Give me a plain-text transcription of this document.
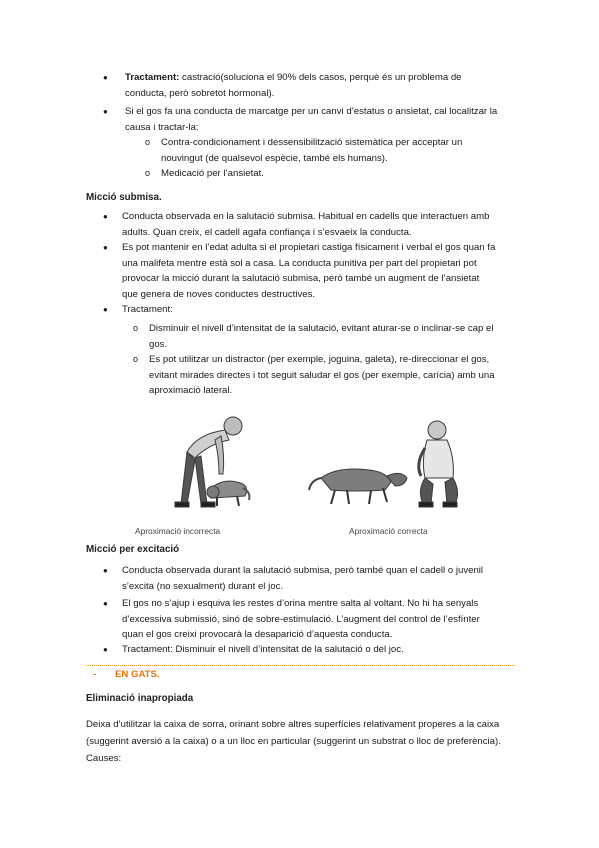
● Tractament: castració(soluciona el 90% dels casos, perquè és un problema de
conducta, però sobretot hormonal).
● Si el gos fa una conducta de marcatge per un canvi d’estatus o ansietat, cal localitzar la
causa i tractar-la:
o Contra-condicionament i dessensibilització sistemàtica per acceptar un
nouvingut (de qualsevol espècie, també els humans).
o Medicació per l’ansietat.
Micció submisa.
● Conducta observada en la salutació submisa. Habitual en cadells que interactuen amb
adults. Quan creix, el cadell agafa confiança i s’esvaeix la conducta.
● Es pot mantenir en l’edat adulta si el propietari castiga físicament i verbal el gos quan fa
una malifeta mentre està sol a casa. La conducta punitiva per part del propietari pot
provocar la micció durant la salutació submisa, però també un augment de l’ansietat
que genera de noves conductes destructives.
● Tractament:
o Disminuir el nivell d’intensitat de la salutació, evitant aturar-se o inclinar-se cap el
gos.
o Es pot utilitzar un distractor (per exemple, joguina, galeta), re-direccionar el gos,
evitant mirades directes i tot seguit saludar el gos (per exemple, carícia) amb una
aproximació lateral.
Aproximació incorrecta	Aproximació correcta
Micció per excitació
● Conducta observada durant la salutació submisa, però també quan el cadell o juvenil
s’excita (no sexualment) durant el joc.
● El gos no s’ajup i esquiva les restes d’orina mentre salta al voltant. No hi ha senyals
d’excessiva submissió, sinó de sobre-estimulació. L’augment del control de l’esfínter
quan el gos creixi provocarà la desaparició d’aquesta conducta.
● Tractament: Disminuir el nivell d’intensitat de la salutació o del joc.
- EN GATS.
Eliminació inapropiada
Deixa d’utilitzar la caixa de sorra, orinant sobre altres superfícies relativament properes a la caixa
(suggerint aversió a la caixa) o a un lloc en particular (suggerint un substrat o lloc de preferència).
Causes:
